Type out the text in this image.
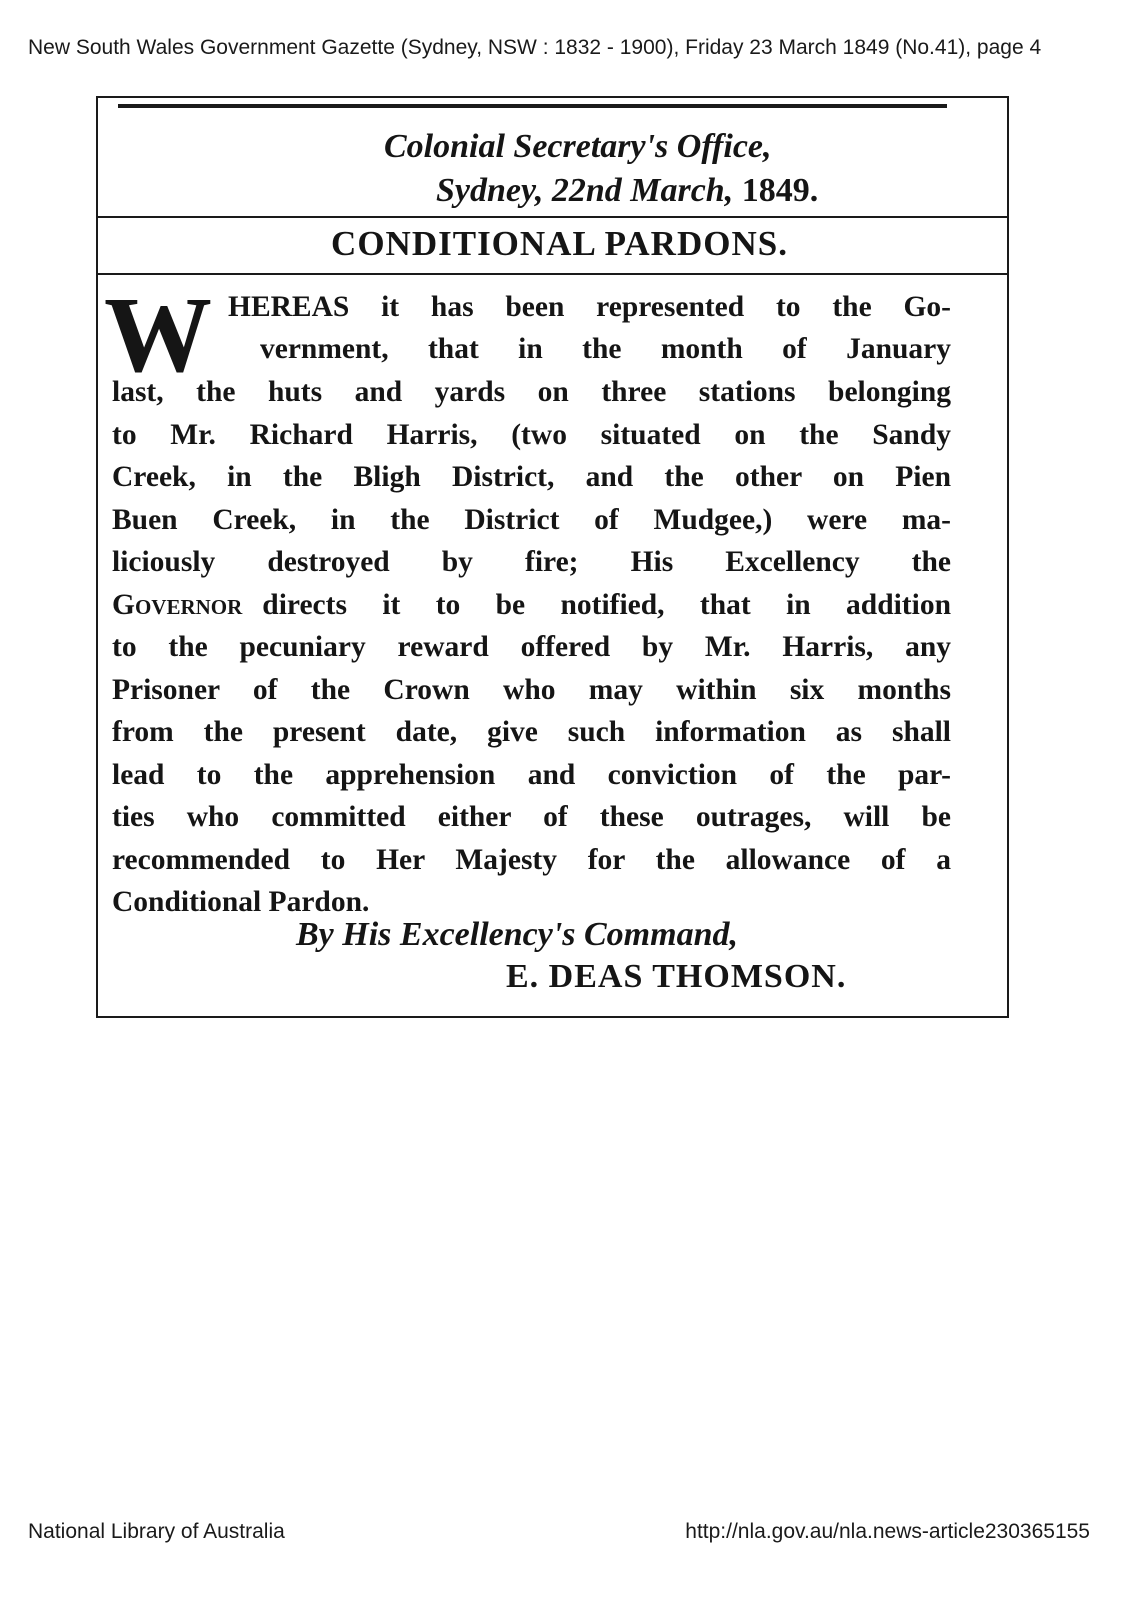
New South Wales Government Gazette (Sydney, NSW : 1832 - 1900), Friday 23 March 1849 (No.41), page 4
Colonial Secretary's Office,
Sydney, 22nd March, 1849.
CONDITIONAL PARDONS.
W HEREAS it has been represented to the Go-
vernment, that in the month of January
last, the huts and yards on three stations belonging
to Mr. Richard Harris, (two situated on the Sandy
Creek, in the Bligh District, and the other on Pien
Buen Creek, in the District of Mudgee,) were ma-
liciously destroyed by fire; His Excellency the
Governor directs it to be notified, that in addition
to the pecuniary reward offered by Mr. Harris, any
Prisoner of the Crown who may within six months
from the present date, give such information as shall
lead to the apprehension and conviction of the par-
ties who committed either of these outrages, will be
recommended to Her Majesty for the allowance of a
Conditional Pardon.
By His Excellency's Command,
E. DEAS THOMSON.
National Library of Australia	http://nla.gov.au/nla.news-article230365155
